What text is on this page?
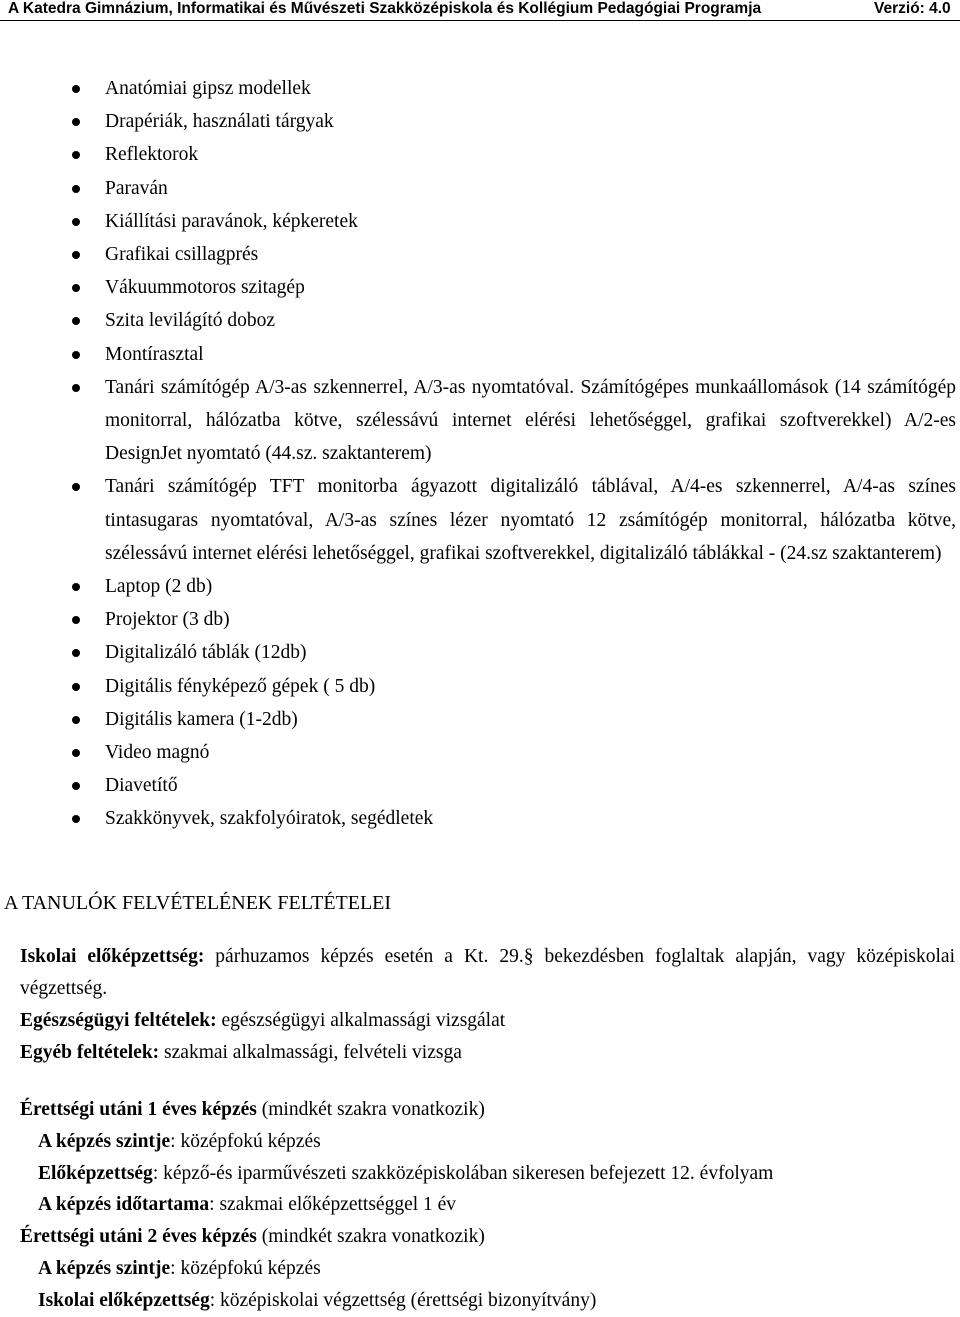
A Katedra Gimnázium, Informatikai és Művészeti Szakközépiskola és Kollégium Pedagógiai Programja	Verzió: 4.0
Anatómiai gipsz modellek
Drapériák, használati tárgyak
Reflektorok
Paraván
Kiállítási paravánok, képkeretek
Grafikai csillagprés
Vákuummotoros szitagép
Szita levilágító doboz
Montírasztal
Tanári számítógép A/3-as szkennerrel, A/3-as nyomtatóval. Számítógépes munkaállomások (14 számítógép monitorral, hálózatba kötve, szélessávú internet elérési lehetőséggel, grafikai szoftverekkel) A/2-es DesignJet nyomtató (44.sz. szaktanterem)
Tanári számítógép TFT monitorba ágyazott digitalizáló táblával, A/4-es szkennerrel, A/4-as színes tintasugaras nyomtatóval, A/3-as színes lézer nyomtató 12 zsámítógép monitorral, hálózatba kötve, szélessávú internet elérési lehetőséggel, grafikai szoftverekkel, digitalizáló táblákkal - (24.sz szaktanterem)
Laptop (2 db)
Projektor (3 db)
Digitalizáló táblák (12db)
Digitális fényképező gépek ( 5 db)
Digitális kamera (1-2db)
Video magnó
Diavetítő
Szakkönyvek, szakfolyóiratok, segédletek
A TANULÓK FELVÉTELÉNEK FELTÉTELEI

Iskolai előképzettség: párhuzamos képzés esetén a Kt. 29.§ bekezdésben foglaltak alapján, vagy középiskolai végzettség.

Egészségügyi feltételek: egészségügyi alkalmassági vizsgálat

Egyéb feltételek: szakmai alkalmassági, felvételi vizsga

Érettségi utáni 1 éves képzés (mindkét szakra vonatkozik)
A képzés szintje: középfokú képzés
Előképzettség: képző-és iparművészeti szakközépiskolában sikeresen befejezett 12. évfolyam
A képzés időtartama: szakmai előképzettséggel 1 év
Érettségi utáni 2 éves képzés (mindkét szakra vonatkozik)
A képzés szintje: középfokú képzés
Iskolai előképzettség: középiskolai végzettség (érettségi bizonyítvány)
